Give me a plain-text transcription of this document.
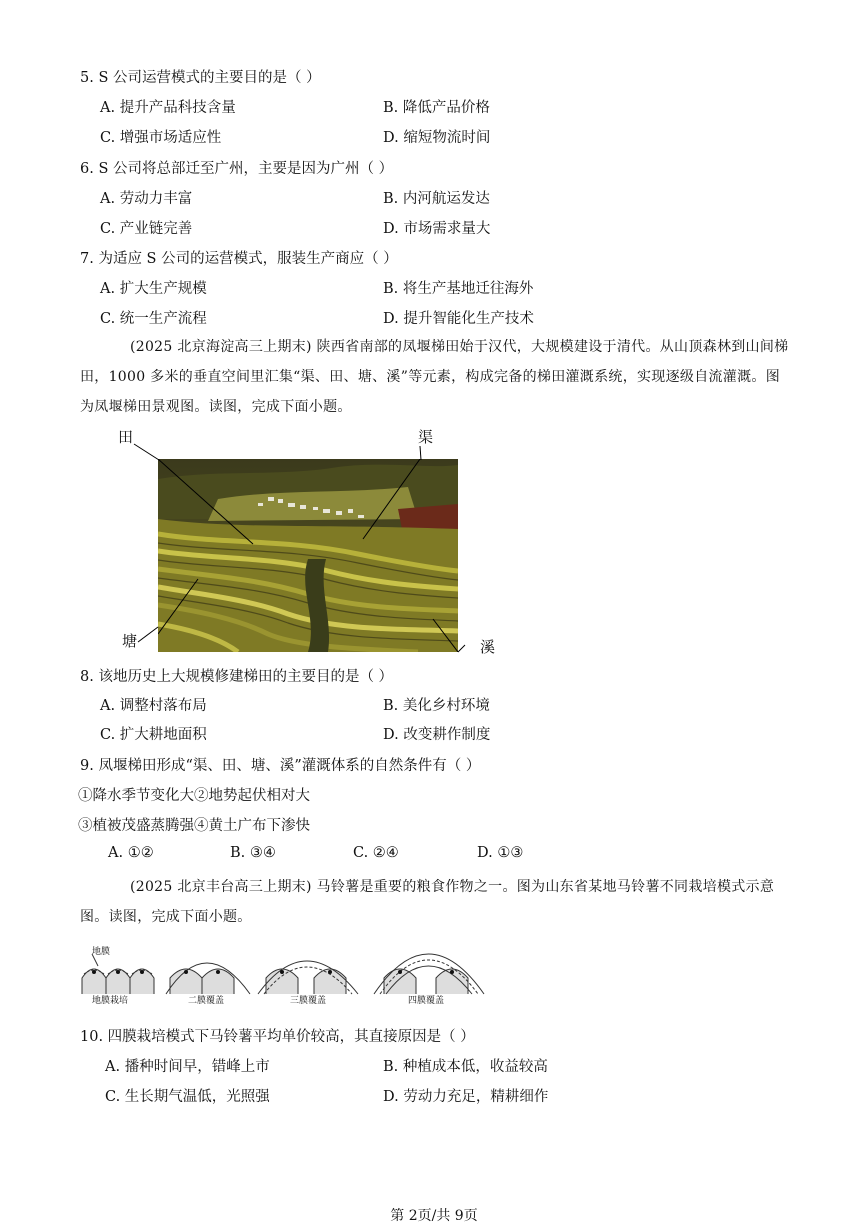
5. S 公司运营模式的主要目的是（ ）
A. 提升产品科技含量	B. 降低产品价格
C. 增强市场适应性	D. 缩短物流时间
6. S 公司将总部迁至广州，主要是因为广州（ ）
A. 劳动力丰富	B. 内河航运发达
C. 产业链完善	D. 市场需求量大
7. 为适应 S 公司的运营模式，服装生产商应（ ）
A. 扩大生产规模	B. 将生产基地迁往海外
C. 统一生产流程	D. 提升智能化生产技术
(2025 北京海淀高三上期末) 陕西省南部的凤堰梯田始于汉代，大规模建设于清代。从山顶森林到山间梯田，1000 多米的垂直空间里汇集“渠、田、塘、溪”等元素，构成完备的梯田灌溉系统，实现逐级自流灌溉。图为凤堰梯田景观图。读图，完成下面小题。
田	渠
塘	溪
8. 该地历史上大规模修建梯田的主要目的是（ ）
A. 调整村落布局	B. 美化乡村环境
C. 扩大耕地面积	D. 改变耕作制度
9. 凤堰梯田形成“渠、田、塘、溪”灌溉体系的自然条件有（ ）
①降水季节变化大②地势起伏相对大
③植被茂盛蒸腾强④黄土广布下渗快
A. ①②	B. ③④	C. ②④	D. ①③
(2025 北京丰台高三上期末) 马铃薯是重要的粮食作物之一。图为山东省某地马铃薯不同栽培模式示意图。读图，完成下面小题。
地膜
地膜栽培	二膜覆盖	三膜覆盖	四膜覆盖
10. 四膜栽培模式下马铃薯平均单价较高，其直接原因是（ ）
A. 播种时间早，错峰上市	B. 种植成本低，收益较高
C. 生长期气温低，光照强	D. 劳动力充足，精耕细作
第 2页/共 9页
